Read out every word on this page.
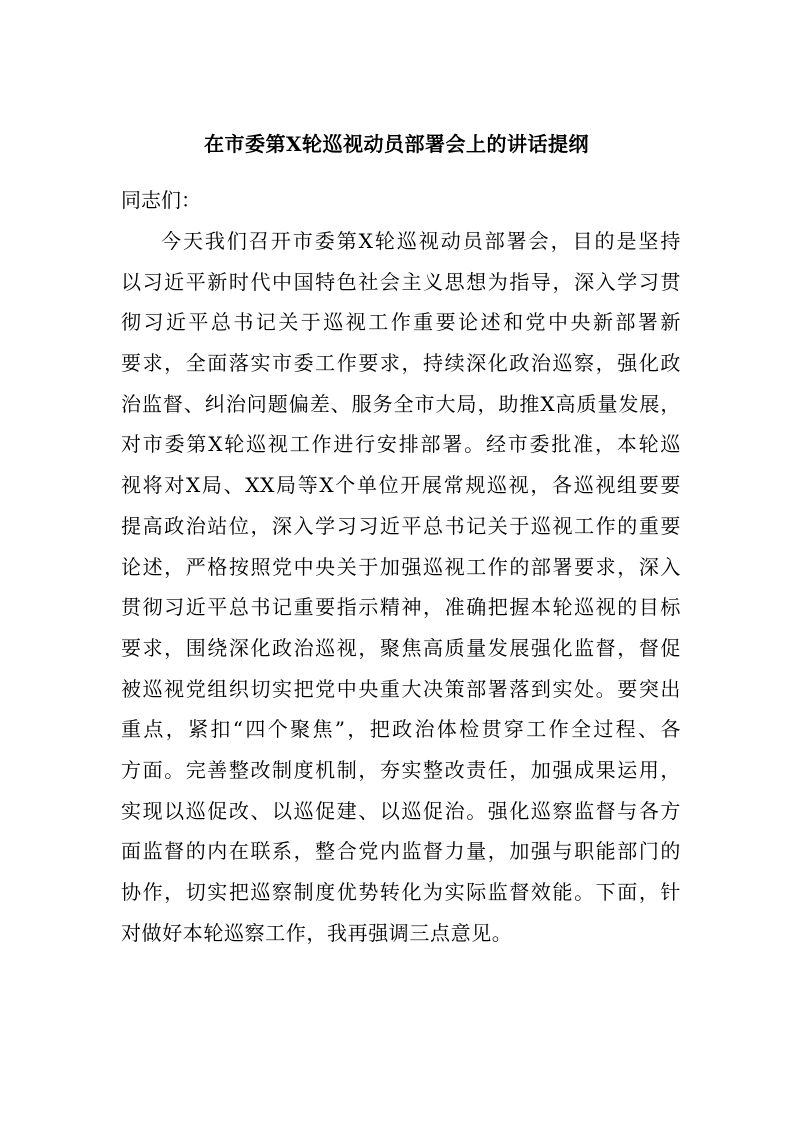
在市委第X轮巡视动员部署会上的讲话提纲
同志们：
今天我们召开市委第X轮巡视动员部署会，目的是坚持
以习近平新时代中国特色社会主义思想为指导，深入学习贯
彻习近平总书记关于巡视工作重要论述和党中央新部署新
要求，全面落实市委工作要求，持续深化政治巡察，强化政
治监督、纠治问题偏差、服务全市大局，助推X高质量发展，
对市委第X轮巡视工作进行安排部署。经市委批准，本轮巡
视将对X局、XX局等X个单位开展常规巡视，各巡视组要要
提高政治站位，深入学习习近平总书记关于巡视工作的重要
论述，严格按照党中央关于加强巡视工作的部署要求，深入
贯彻习近平总书记重要指示精神，准确把握本轮巡视的目标
要求，围绕深化政治巡视，聚焦高质量发展强化监督，督促
被巡视党组织切实把党中央重大决策部署落到实处。要突出
重点，紧扣“四个聚焦”，把政治体检贯穿工作全过程、各
方面。完善整改制度机制，夯实整改责任，加强成果运用，
实现以巡促改、以巡促建、以巡促治。强化巡察监督与各方
面监督的内在联系，整合党内监督力量，加强与职能部门的
协作，切实把巡察制度优势转化为实际监督效能。下面，针
对做好本轮巡察工作，我再强调三点意见。
